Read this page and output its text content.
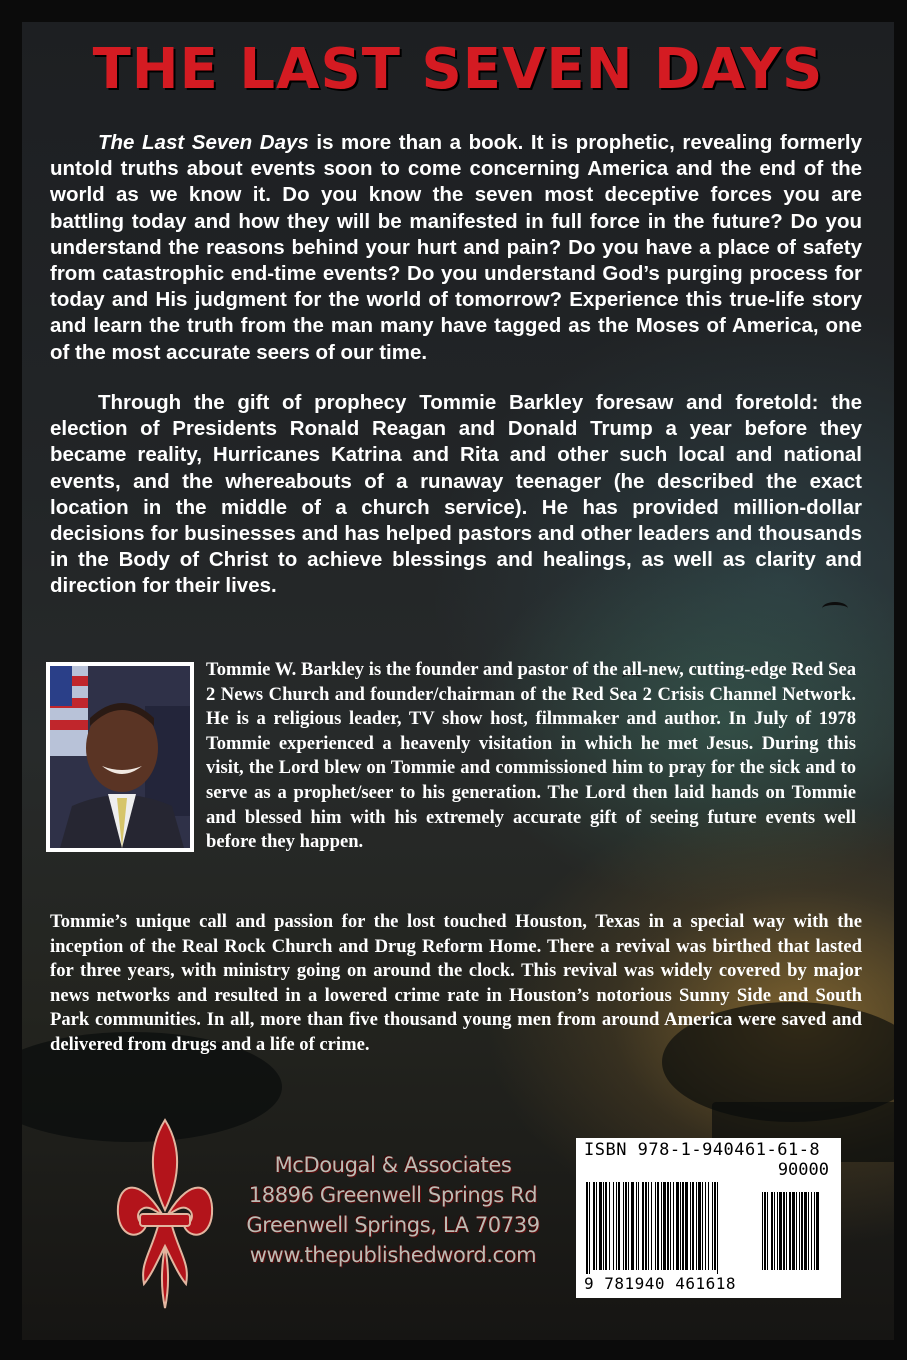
THE LAST SEVEN DAYS

The Last Seven Days is more than a book. It is prophetic, revealing formerly untold truths about events soon to come concerning America and the end of the world as we know it. Do you know the seven most deceptive forces you are battling today and how they will be manifested in full force in the future? Do you understand the reasons behind your hurt and pain? Do you have a place of safety from catastrophic end-time events? Do you understand God’s purging process for today and His judgment for the world of tomorrow? Experience this true-life story and learn the truth from the man many have tagged as the Moses of America, one of the most accurate seers of our time.

Through the gift of prophecy Tommie Barkley foresaw and foretold: the election of Presidents Ronald Reagan and Donald Trump a year before they became reality, Hurricanes Katrina and Rita and other such local and national events, and the whereabouts of a runaway teenager (he described the exact location in the middle of a church service). He has provided million-dollar decisions for businesses and has helped pastors and other leaders and thousands in the Body of Christ to achieve blessings and healings, as well as clarity and direction for their lives.

Tommie W. Barkley is the founder and pastor of the all-new, cutting-edge Red Sea 2 News Church and founder/chairman of the Red Sea 2 Crisis Channel Network. He is a religious leader, TV show host, filmmaker and author. In July of 1978 Tommie experienced a heavenly visitation in which he met Jesus. During this visit, the Lord blew on Tommie and commissioned him to pray for the sick and to serve as a prophet/seer to his generation. The Lord then laid hands on Tommie and blessed him with his extremely accurate gift of seeing future events well before they happen.

Tommie’s unique call and passion for the lost touched Houston, Texas in a special way with the inception of the Real Rock Church and Drug Reform Home. There a revival was birthed that lasted for three years, with ministry going on around the clock. This revival was widely covered by major news networks and resulted in a lowered crime rate in Houston’s notorious Sunny Side and South Park communities. In all, more than five thousand young men from around America were saved and delivered from drugs and a life of crime.

McDougal & Associates
18896 Greenwell Springs Rd
Greenwell Springs, LA 70739
www.thepublishedword.com
ISBN 978-1-940461-61-8
90000
9 781940 461618
